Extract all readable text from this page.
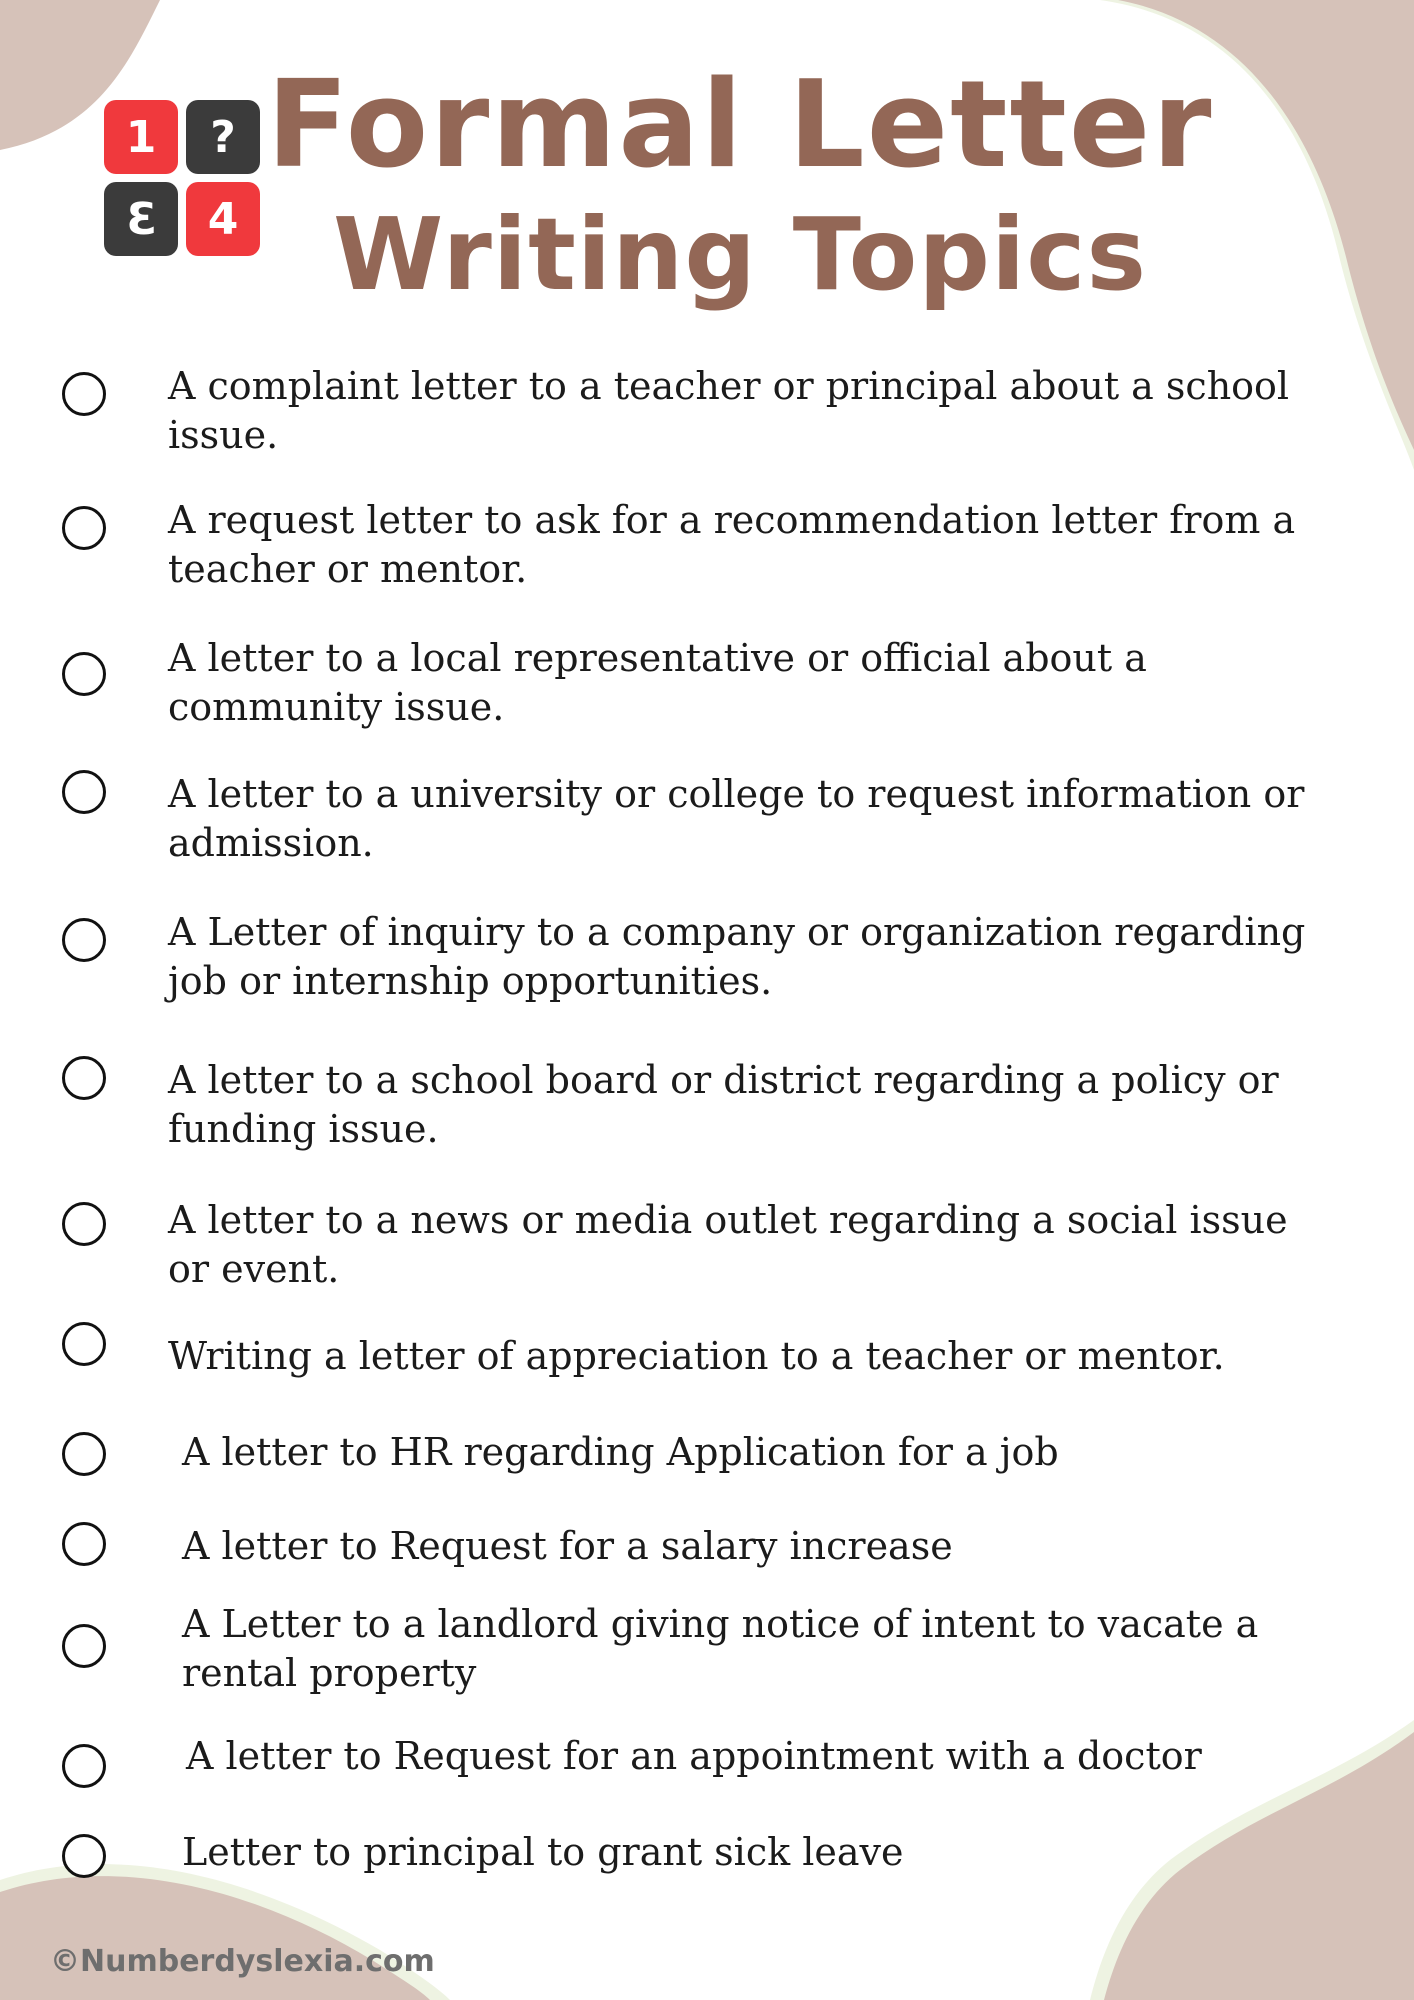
1 ?
3 4
Formal Letter
Writing Topics
A complaint letter to a teacher or principal about a school issue.
A request letter to ask for a recommendation letter from a teacher or mentor.
A letter to a local representative or official about a community issue.
A letter to a university or college to request information or admission.
A Letter of inquiry to a company or organization regarding job or internship opportunities.
A letter to a school board or district regarding a policy or funding issue.
A letter to a news or media outlet regarding a social issue or event.
Writing a letter of appreciation to a teacher or mentor.
A letter to HR regarding Application for a job
A letter to Request for a salary increase
A Letter to a landlord giving notice of intent to vacate a rental property
A letter to Request for an appointment with a doctor
Letter to principal to grant sick leave
©Numberdyslexia.com
